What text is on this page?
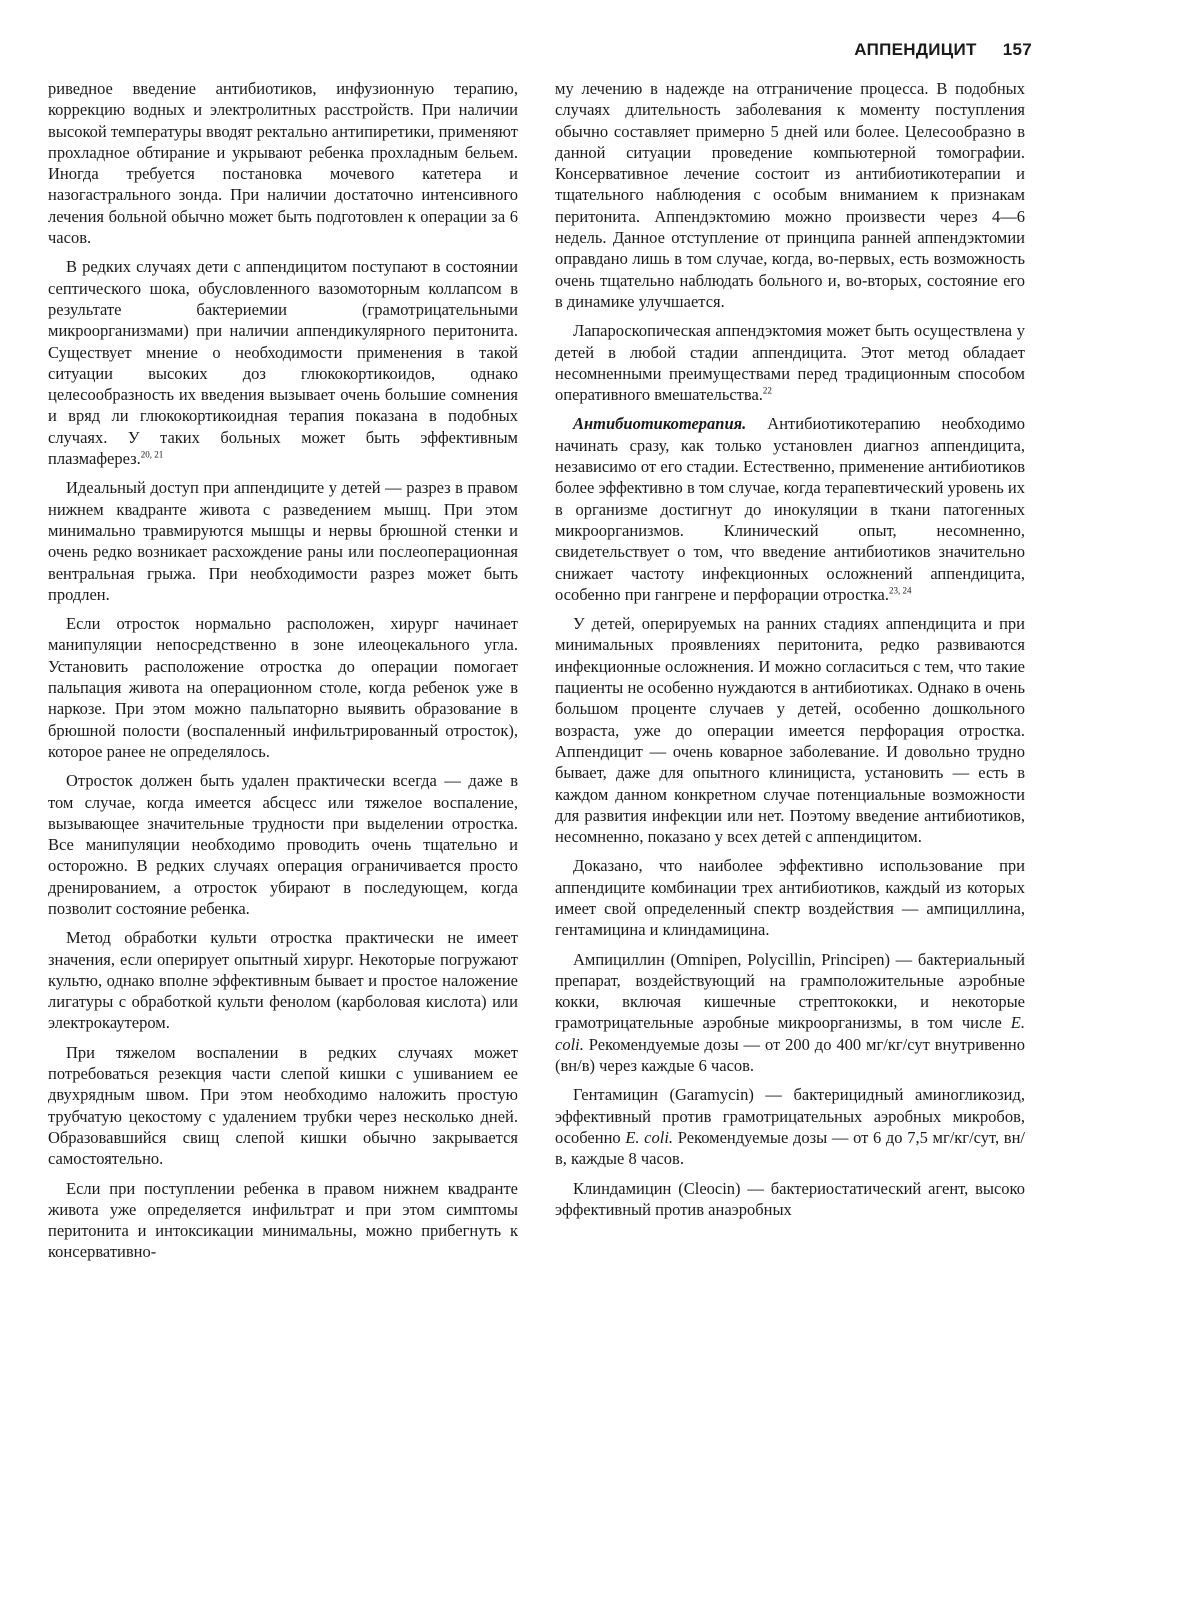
АППЕНДИЦИТ 157

риведное введение антибиотиков, инфузионную терапию, коррекцию водных и электролитных расстройств. При наличии высокой температуры вводят ректально антипиретики, применяют прохладное обтирание и укрывают ребенка прохладным бельем. Иногда требуется постановка мочевого катетера и назогастрального зонда. При наличии достаточно интенсивного лечения больной обычно может быть подготовлен к операции за 6 часов.

В редких случаях дети с аппендицитом поступают в состоянии септического шока, обусловленного вазомоторным коллапсом в результате бактериемии (грамотрицательными микроорганизмами) при наличии аппендикулярного перитонита. Существует мнение о необходимости применения в такой ситуации высоких доз глюкокортикоидов, однако целесообразность их введения вызывает очень большие сомнения и вряд ли глюкокортикоидная терапия показана в подобных случаях. У таких больных может быть эффективным плазмаферез.$^{20, 21}$

Идеальный доступ при аппендиците у детей — разрез в правом нижнем квадранте живота с разведением мышц. При этом минимально травмируются мышцы и нервы брюшной стенки и очень редко возникает расхождение раны или послеоперационная вентральная грыжа. При необходимости разрез может быть продлен.

Если отросток нормально расположен, хирург начинает манипуляции непосредственно в зоне илеоцекального угла. Установить расположение отростка до операции помогает пальпация живота на операционном столе, когда ребенок уже в наркозе. При этом можно пальпаторно выявить образование в брюшной полости (воспаленный инфильтрированный отросток), которое ранее не определялось.

Отросток должен быть удален практически всегда — даже в том случае, когда имеется абсцесс или тяжелое воспаление, вызывающее значительные трудности при выделении отростка. Все манипуляции необходимо проводить очень тщательно и осторожно. В редких случаях операция ограничивается просто дренированием, а отросток убирают в последующем, когда позволит состояние ребенка.

Метод обработки культи отростка практически не имеет значения, если оперирует опытный хирург. Некоторые погружают культю, однако вполне эффективным бывает и простое наложение лигатуры с обработкой культи фенолом (карболовая кислота) или электрокаутером.

При тяжелом воспалении в редких случаях может потребоваться резекция части слепой кишки с ушиванием ее двухрядным швом. При этом необходимо наложить простую трубчатую цекостому с удалением трубки через несколько дней. Образовавшийся свищ слепой кишки обычно закрывается самостоятельно.

Если при поступлении ребенка в правом нижнем квадранте живота уже определяется инфильтрат и при этом симптомы перитонита и интоксикации минимальны, можно прибегнуть к консервативно-

му лечению в надежде на отграничение процесса. В подобных случаях длительность заболевания к моменту поступления обычно составляет примерно 5 дней или более. Целесообразно в данной ситуации проведение компьютерной томографии. Консервативное лечение состоит из антибиотикотерапии и тщательного наблюдения с особым вниманием к признакам перитонита. Аппендэктомию можно произвести через 4—6 недель. Данное отступление от принципа ранней аппендэктомии оправдано лишь в том случае, когда, во-первых, есть возможность очень тщательно наблюдать больного и, во-вторых, состояние его в динамике улучшается.

Лапароскопическая аппендэктомия может быть осуществлена у детей в любой стадии аппендицита. Этот метод обладает несомненными преимуществами перед традиционным способом оперативного вмешательства.$^{22}$

Антибиотикотерапия. Антибиотикотерапию необходимо начинать сразу, как только установлен диагноз аппендицита, независимо от его стадии. Естественно, применение антибиотиков более эффективно в том случае, когда терапевтический уровень их в организме достигнут до инокуляции в ткани патогенных микроорганизмов. Клинический опыт, несомненно, свидетельствует о том, что введение антибиотиков значительно снижает частоту инфекционных осложнений аппендицита, особенно при гангрене и перфорации отростка.$^{23, 24}$

У детей, оперируемых на ранних стадиях аппендицита и при минимальных проявлениях перитонита, редко развиваются инфекционные осложнения. И можно согласиться с тем, что такие пациенты не особенно нуждаются в антибиотиках. Однако в очень большом проценте случаев у детей, особенно дошкольного возраста, уже до операции имеется перфорация отростка. Аппендицит — очень коварное заболевание. И довольно трудно бывает, даже для опытного клинициста, установить — есть в каждом данном конкретном случае потенциальные возможности для развития инфекции или нет. Поэтому введение антибиотиков, несомненно, показано у всех детей с аппендицитом.

Доказано, что наиболее эффективно использование при аппендиците комбинации трех антибиотиков, каждый из которых имеет свой определенный спектр воздействия — ампициллина, гентамицина и клиндамицина.

Ампициллин (Omnipen, Polycillin, Principen) — бактериальный препарат, воздействующий на грамположительные аэробные кокки, включая кишечные стрептококки, и некоторые грамотрицательные аэробные микроорганизмы, в том числе E. coli. Рекомендуемые дозы — от 200 до 400 мг/кг/сут внутривенно (вн/в) через каждые 6 часов.

Гентамицин (Garamycin) — бактерицидный аминогликозид, эффективный против грамотрицательных аэробных микробов, особенно E. coli. Рекомендуемые дозы — от 6 до 7,5 мг/кг/сут, вн/в, каждые 8 часов.

Клиндамицин (Cleocin) — бактериостатический агент, высоко эффективный против анаэробных
